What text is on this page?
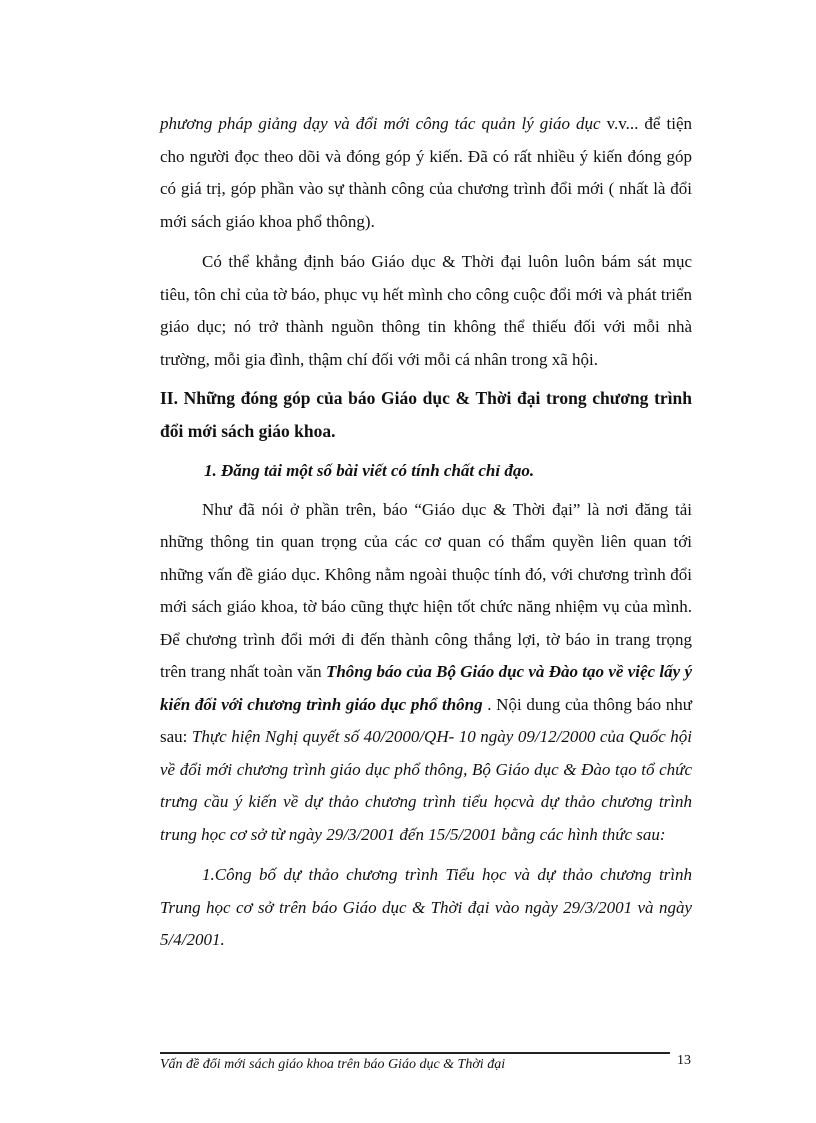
phương pháp giảng dạy và đổi mới công tác quản lý giáo dục v.v... để tiện cho người đọc theo dõi và đóng góp ý kiến. Đã có rất nhiều ý kiến đóng góp có giá trị, góp phần vào sự thành công của chương trình đổi mới ( nhất là đổi mới sách giáo khoa phổ thông).

Có thể khẳng định báo Giáo dục & Thời đại luôn luôn bám sát mục tiêu, tôn chỉ của tờ báo, phục vụ hết mình cho công cuộc đổi mới và phát triển giáo dục; nó trở thành nguồn thông tin không thể thiếu đối với mỗi nhà trường, mỗi gia đình, thậm chí đối với mỗi cá nhân trong xã hội.

II. Những đóng góp của báo Giáo dục & Thời đại trong chương trình đổi mới sách giáo khoa.

1. Đăng tải một số bài viết có tính chất chỉ đạo.

Như đã nói ở phần trên, báo “Giáo dục & Thời đại” là nơi đăng tải những thông tin quan trọng của các cơ quan có thẩm quyền liên quan tới những vấn đề giáo dục. Không nằm ngoài thuộc tính đó, với chương trình đổi mới sách giáo khoa, tờ báo cũng thực hiện tốt chức năng nhiệm vụ của mình. Để chương trình đổi mới đi đến thành công thắng lợi, tờ báo in trang trọng trên trang nhất toàn văn Thông báo của Bộ Giáo dục và Đào tạo về việc lấy ý kiến đối với chương trình giáo dục phổ thông . Nội dung của thông báo như sau: Thực hiện Nghị quyết số 40/2000/QH- 10 ngày 09/12/2000 của Quốc hội về đổi mới chương trình giáo dục phổ thông, Bộ Giáo dục & Đào tạo tổ chức trưng cầu ý kiến về dự thảo chương trình tiểu họcvà dự thảo chương trình trung học cơ sở từ ngày 29/3/2001 đến 15/5/2001 bằng các hình thức sau:

1.Công bố dự thảo chương trình Tiểu học và dự thảo chương trình Trung học cơ sở trên báo Giáo dục & Thời đại vào ngày 29/3/2001 và ngày 5/4/2001.

Vấn đề đổi mới sách giáo khoa trên báo Giáo dục & Thời đại	13
